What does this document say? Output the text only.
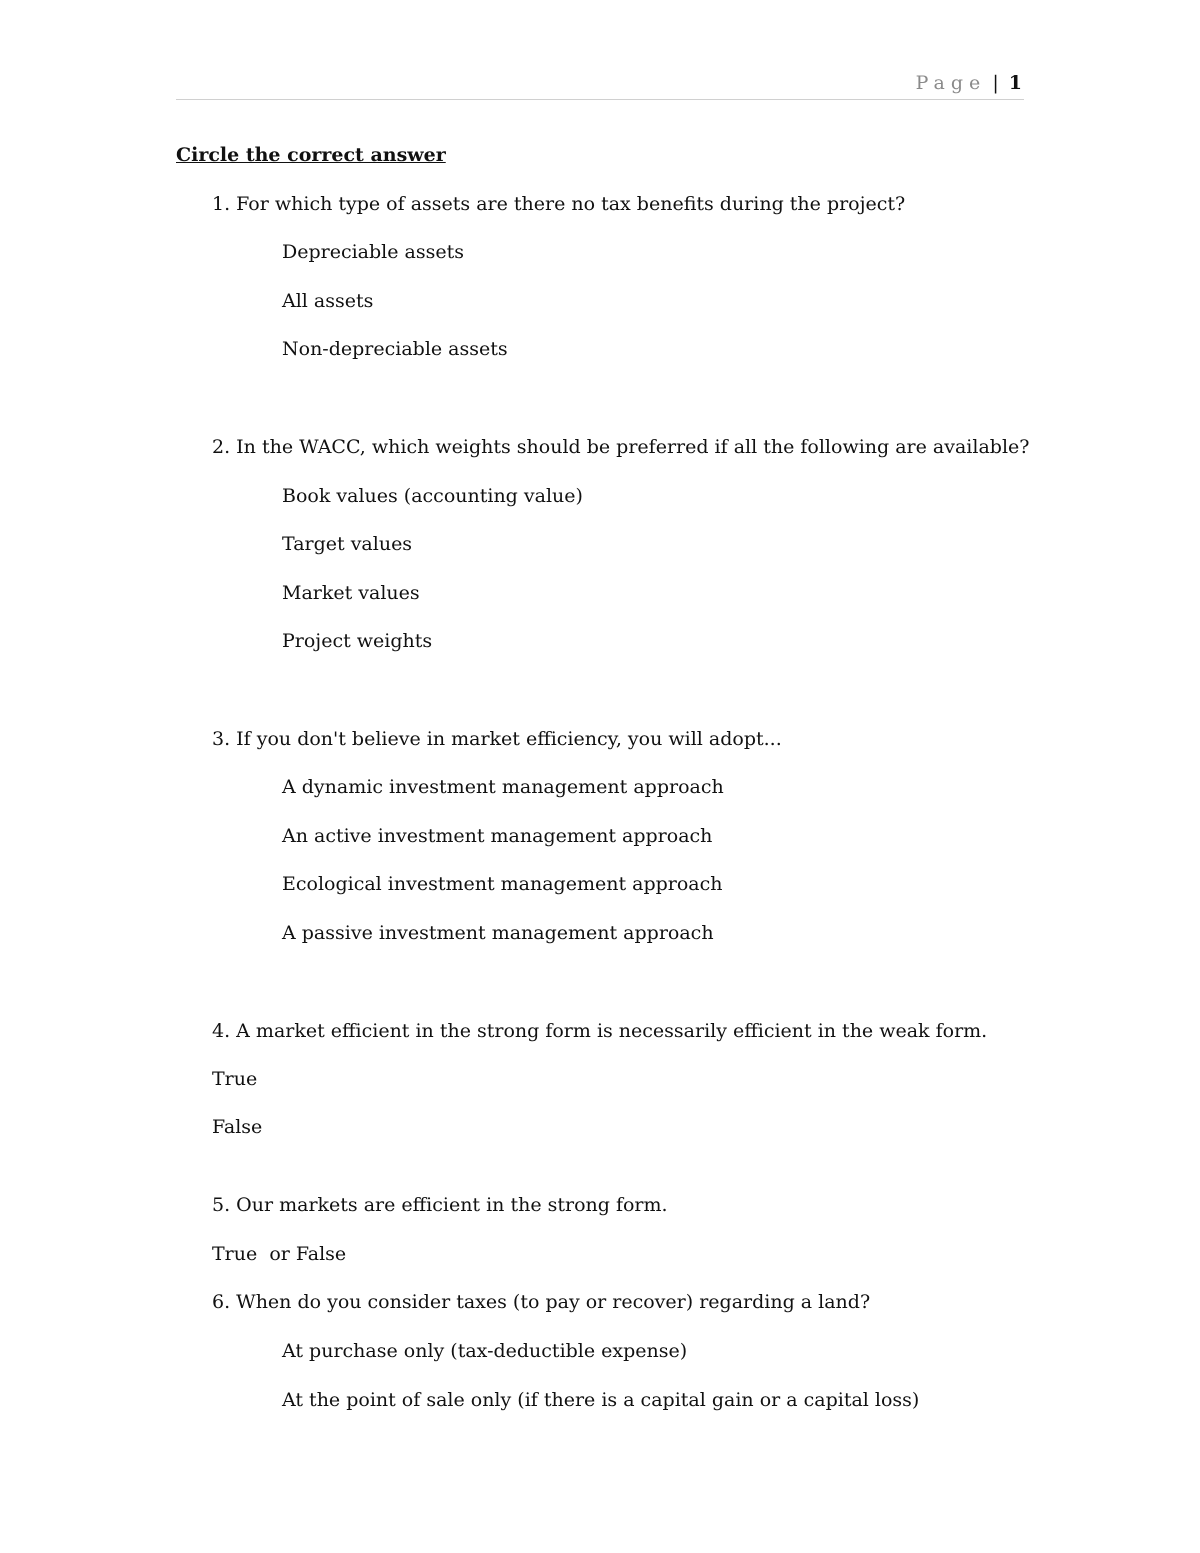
Page | 1
Circle the correct answer
1. For which type of assets are there no tax benefits during the project?
Depreciable assets
All assets
Non-depreciable assets
2. In the WACC, which weights should be preferred if all the following are available?
Book values (accounting value)
Target values
Market values
Project weights
3. If you don't believe in market efficiency, you will adopt...
A dynamic investment management approach
An active investment management approach
Ecological investment management approach
A passive investment management approach
4. A market efficient in the strong form is necessarily efficient in the weak form.
True
False
5. Our markets are efficient in the strong form.
True  or False
6. When do you consider taxes (to pay or recover) regarding a land?
At purchase only (tax-deductible expense)
At the point of sale only (if there is a capital gain or a capital loss)
